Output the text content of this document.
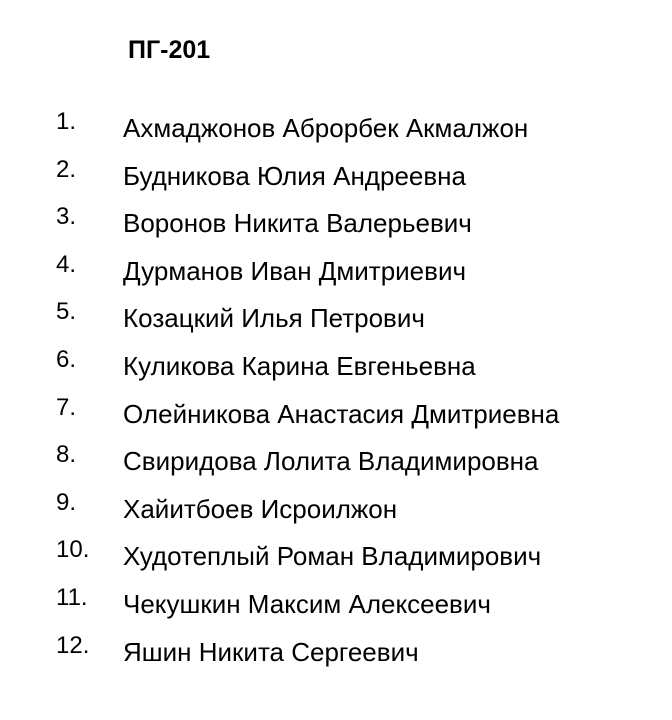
ПГ-201
1. Ахмаджонов Аброрбек Акмалжон
2. Будникова Юлия Андреевна
3. Воронов Никита Валерьевич
4. Дурманов Иван Дмитриевич
5. Козацкий Илья Петрович
6. Куликова Карина Евгеньевна
7. Олейникова Анастасия Дмитриевна
8. Свиридова Лолита Владимировна
9. Хайитбоев Исроилжон
10. Худотеплый Роман Владимирович
11. Чекушкин Максим Алексеевич
12. Яшин Никита Сергеевич
